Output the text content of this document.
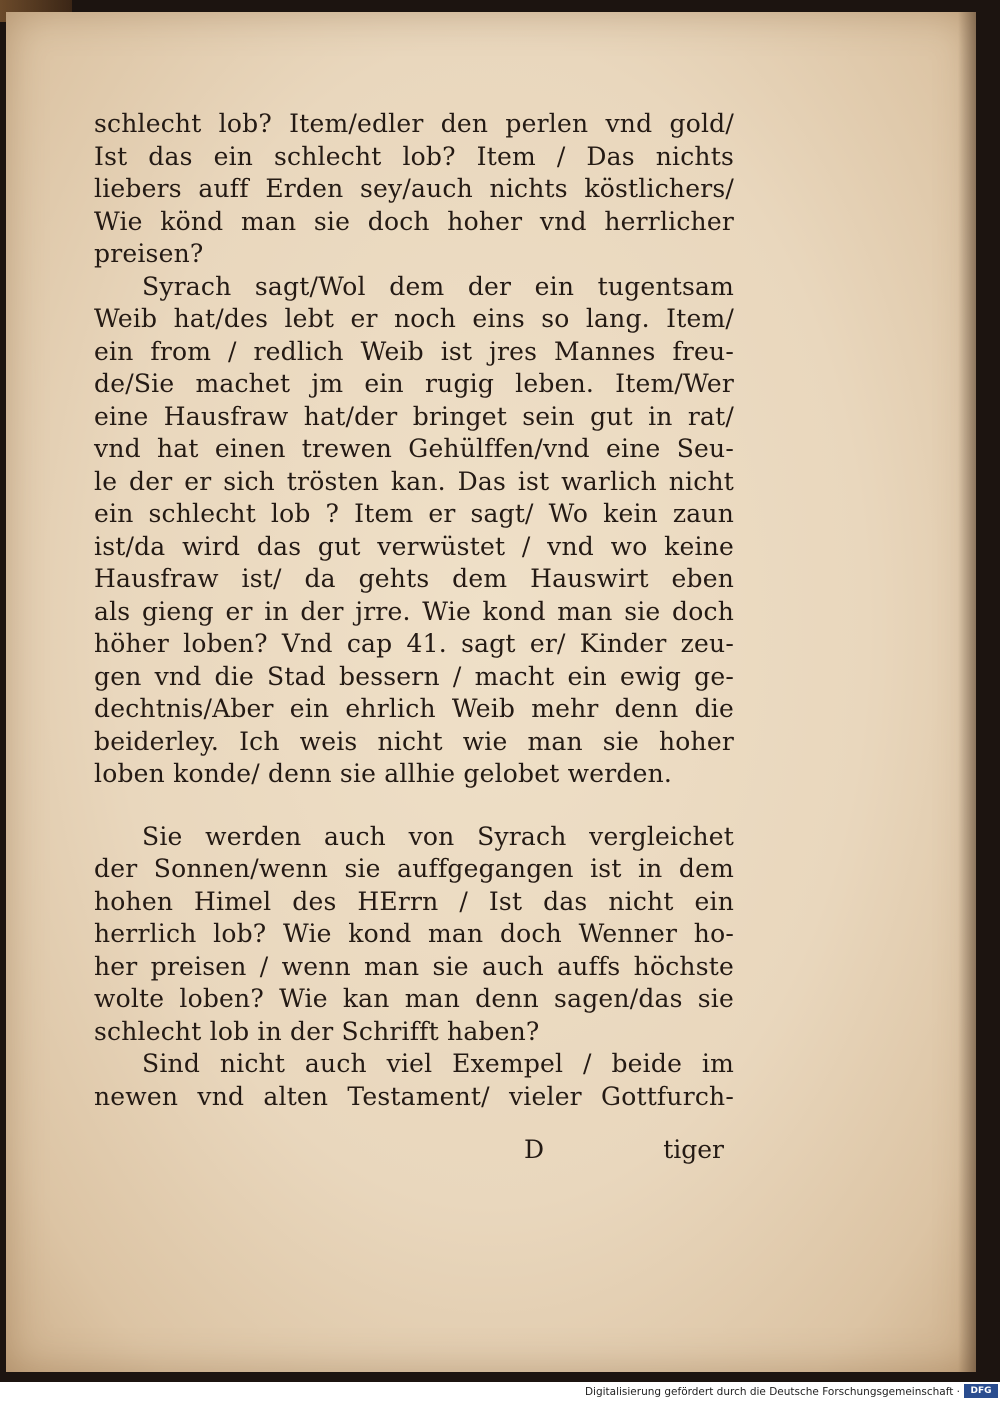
schlecht lob? Item/edler den perlen vnd gold/
Ist das ein schlecht lob? Item / Das nichts
liebers auff Erden sey/auch nichts köstlichers/
Wie könd man sie doch hoher vnd herrlicher
preisen?
Syrach sagt/Wol dem der ein tugentsam
Weib hat/des lebt er noch eins so lang. Item/
ein from / redlich Weib ist jres Mannes freu-
de/Sie machet jm ein rugig leben. Item/Wer
eine Hausfraw hat/der bringet sein gut in rat/
vnd hat einen trewen Gehülffen/vnd eine Seu-
le der er sich trösten kan. Das ist warlich nicht
ein schlecht lob ? Item er sagt/ Wo kein zaun
ist/da wird das gut verwüstet / vnd wo keine
Hausfraw ist/ da gehts dem Hauswirt eben
als gieng er in der jrre. Wie kond man sie doch
höher loben? Vnd cap 41. sagt er/ Kinder zeu-
gen vnd die Stad bessern / macht ein ewig ge-
dechtnis/Aber ein ehrlich Weib mehr denn die
beiderley. Ich weis nicht wie man sie hoher
loben konde/ denn sie allhie gelobet werden.
Sie werden auch von Syrach vergleichet
der Sonnen/wenn sie auffgegangen ist in dem
hohen Himel des HErrn / Ist das nicht ein
herrlich lob? Wie kond man doch Wenner ho-
her preisen / wenn man sie auch auffs höchste
wolte loben? Wie kan man denn sagen/das sie
schlecht lob in der Schrifft haben?
Sind nicht auch viel Exempel / beide im
newen vnd alten Testament/ vieler Gottfurch-
D	tiger
Digitalisierung gefördert durch die Deutsche Forschungsgemeinschaft ·	DFG
